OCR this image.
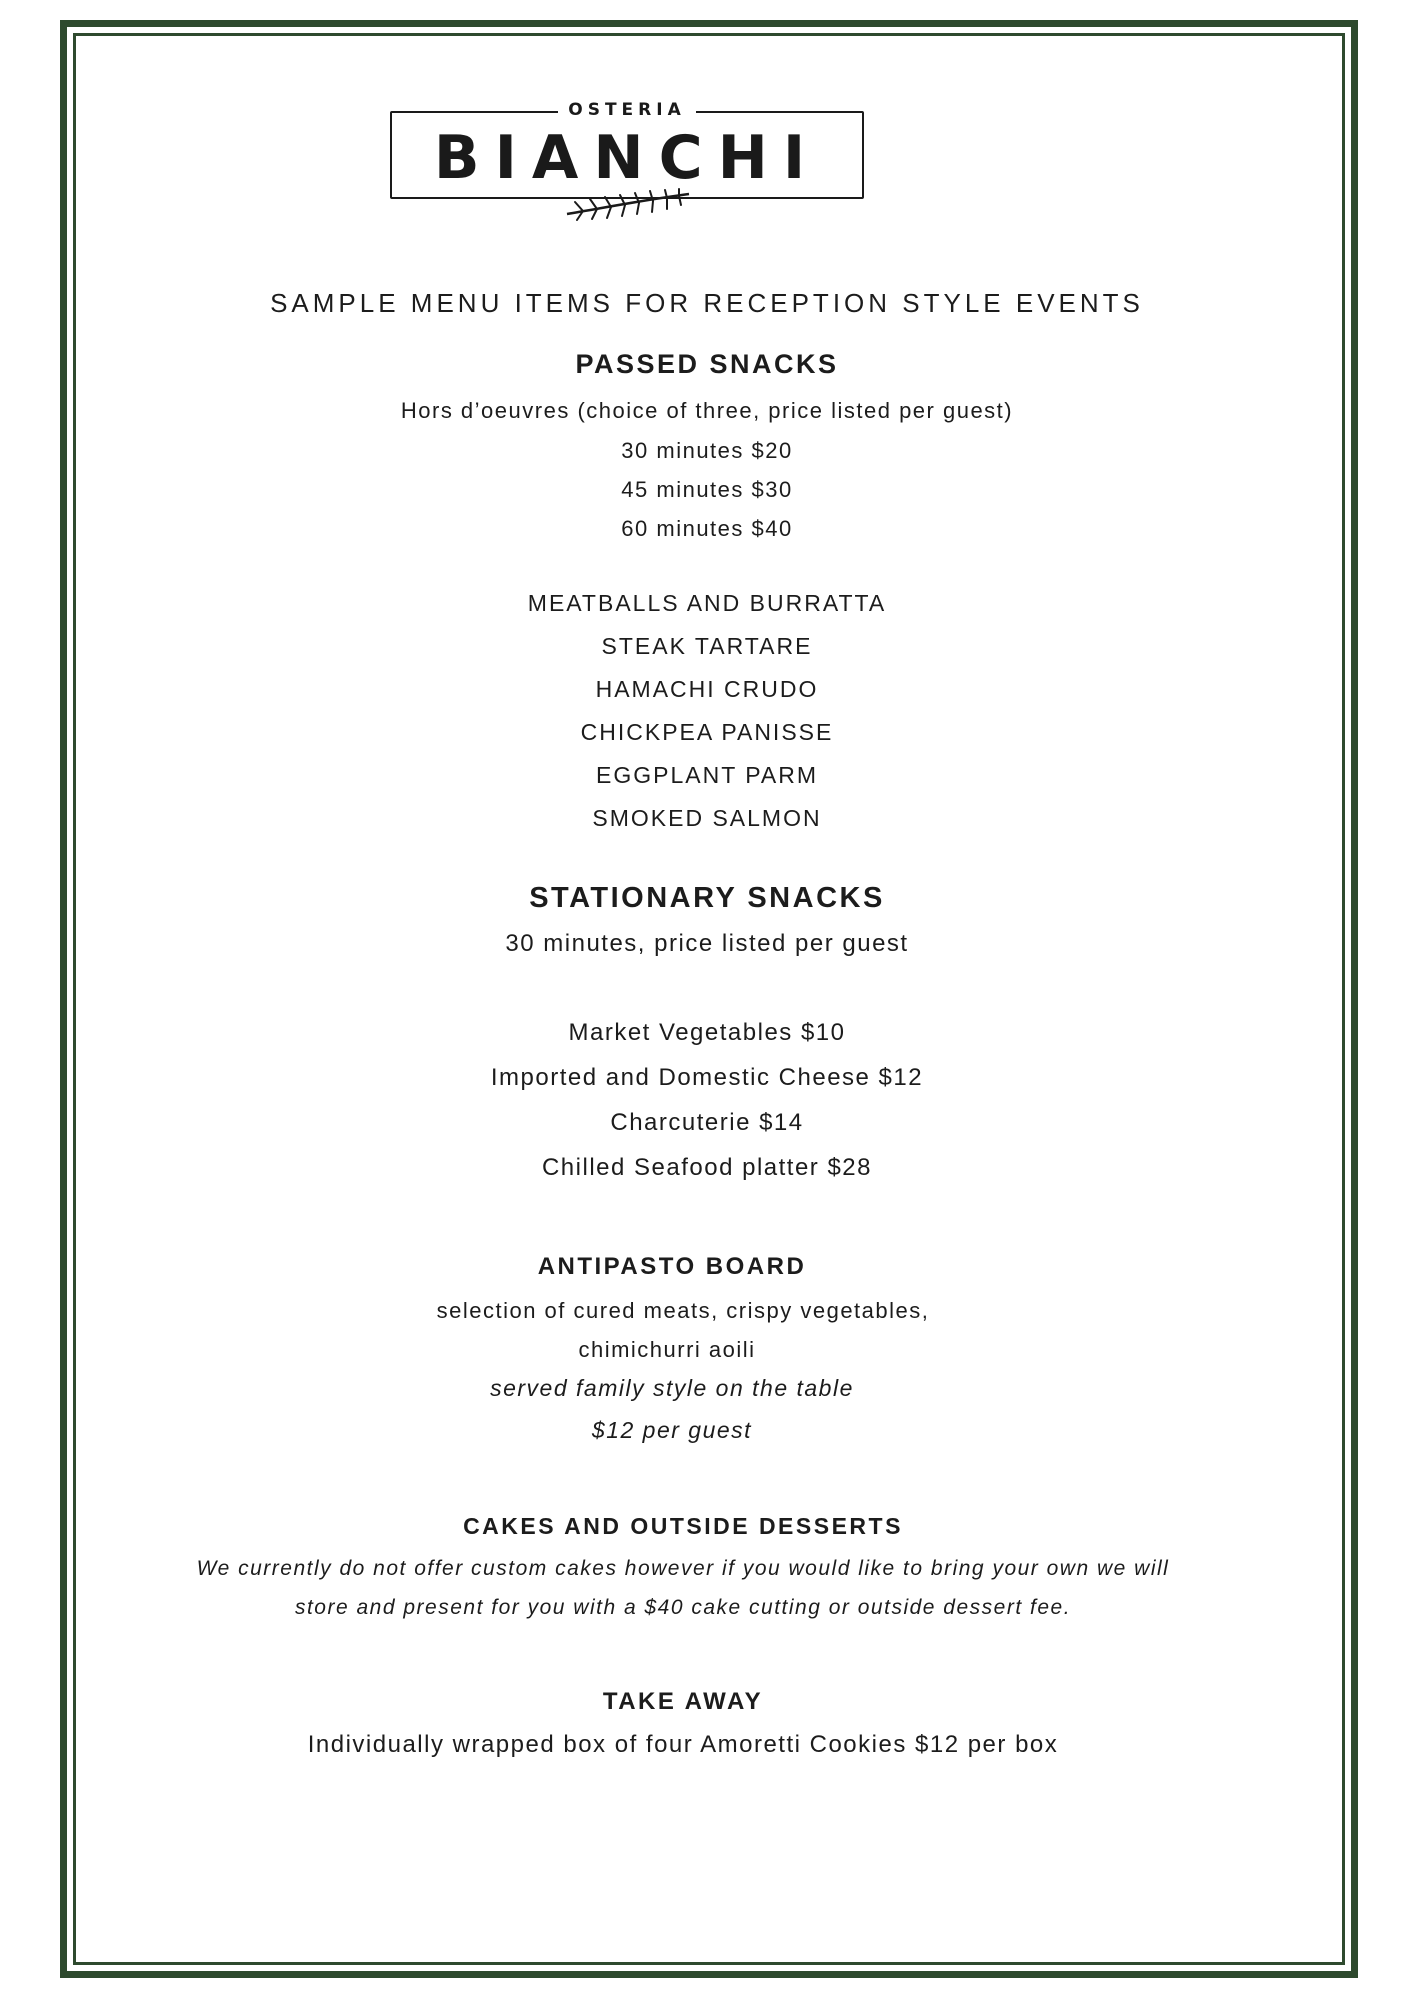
OSTERIA
BIANCHI
SAMPLE MENU ITEMS FOR RECEPTION STYLE EVENTS
PASSED SNACKS
Hors d’oeuvres (choice of three, price listed per guest)
30 minutes $20
45 minutes $30
60 minutes $40
MEATBALLS AND BURRATTA
STEAK TARTARE
HAMACHI CRUDO
CHICKPEA PANISSE
EGGPLANT PARM
SMOKED SALMON
STATIONARY SNACKS
30 minutes, price listed per guest
Market Vegetables $10
Imported and Domestic Cheese $12
Charcuterie $14
Chilled Seafood platter $28
ANTIPASTO BOARD
selection of cured meats, crispy vegetables,
chimichurri aoili
served family style on the table
$12 per guest
CAKES AND OUTSIDE DESSERTS
We currently do not offer custom cakes however if you would like to bring your own we will
store and present for you with a $40 cake cutting or outside dessert fee.
TAKE AWAY
Individually wrapped box of four Amoretti Cookies $12 per box
